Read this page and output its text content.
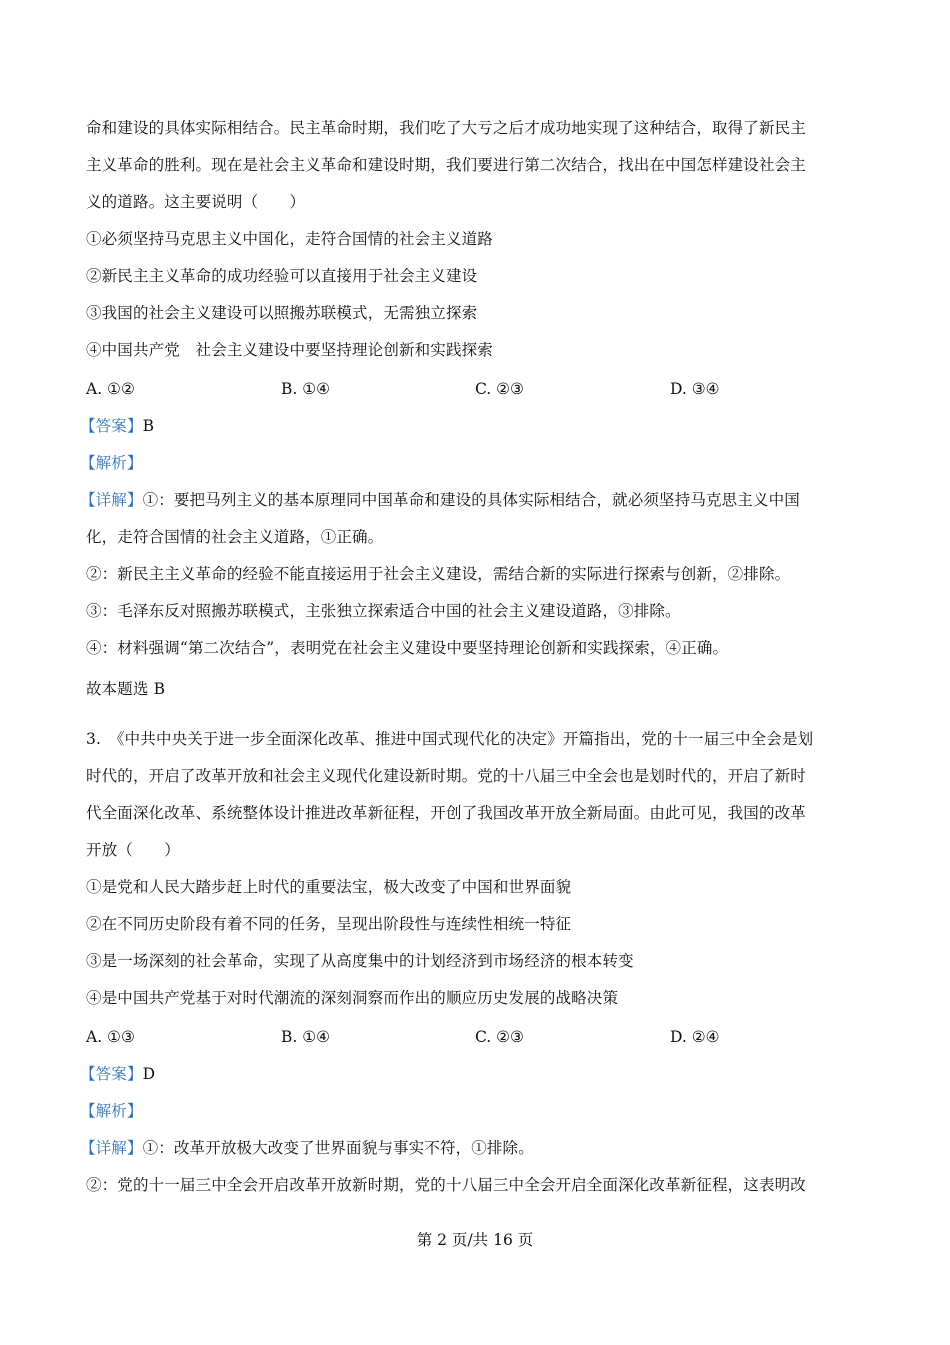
命和建设的具体实际相结合。民主革命时期，我们吃了大亏之后才成功地实现了这种结合，取得了新民主
主义革命的胜利。现在是社会主义革命和建设时期，我们要进行第二次结合，找出在中国怎样建设社会主
义的道路。这主要说明（　　）
①必须坚持马克思主义中国化，走符合国情的社会主义道路
②新民主主义革命的成功经验可以直接用于社会主义建设
③我国的社会主义建设可以照搬苏联模式，无需独立探索
④中国共产党　社会主义建设中要坚持理论创新和实践探索
A. ①②	B. ①④	C. ②③	D. ③④
【答案】B
【解析】
【详解】①：要把马列主义的基本原理同中国革命和建设的具体实际相结合，就必须坚持马克思主义中国
化，走符合国情的社会主义道路，①正确。
②：新民主主义革命的经验不能直接运用于社会主义建设，需结合新的实际进行探索与创新，②排除。
③：毛泽东反对照搬苏联模式，主张独立探索适合中国的社会主义建设道路，③排除。
④：材料强调“第二次结合”，表明党在社会主义建设中要坚持理论创新和实践探索，④正确。
故本题选 B
3.　《中共中央关于进一步全面深化改革、推进中国式现代化的决定》开篇指出，党的十一届三中全会是划
时代的，开启了改革开放和社会主义现代化建设新时期。党的十八届三中全会也是划时代的，开启了新时
代全面深化改革、系统整体设计推进改革新征程，开创了我国改革开放全新局面。由此可见，我国的改革
开放（　　）
①是党和人民大踏步赶上时代的重要法宝，极大改变了中国和世界面貌
②在不同历史阶段有着不同的任务，呈现出阶段性与连续性相统一特征
③是一场深刻的社会革命，实现了从高度集中的计划经济到市场经济的根本转变
④是中国共产党基于对时代潮流的深刻洞察而作出的顺应历史发展的战略决策
A. ①③	B. ①④	C. ②③	D. ②④
【答案】D
【解析】
【详解】①：改革开放极大改变了世界面貌与事实不符，①排除。
②：党的十一届三中全会开启改革开放新时期，党的十八届三中全会开启全面深化改革新征程，这表明改
第 2 页/共 16 页
